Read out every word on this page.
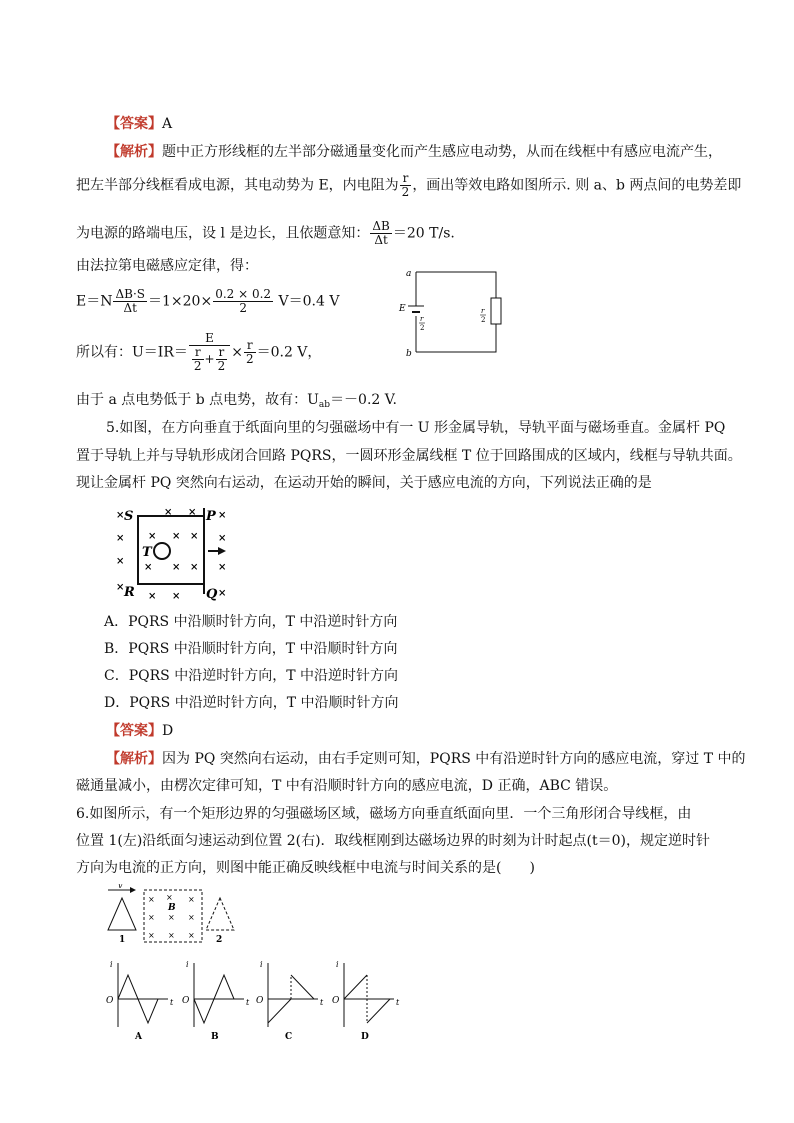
【答案】A
【解析】题中正方形线框的左半部分磁通量变化而产生感应电动势，从而在线框中有感应电流产生，
把左半部分线框看成电源，其电动势为 E，内电阻为 $\frac{r}{2}$ ，画出等效电路如图所示. 则 a、b 两点间的电势差即
为电源的路端电压，设 l 是边长，且依题意知： $\frac{\Delta B}{\Delta t} =20$ T/s.
由法拉第电磁感应定律，得：
$E=N \frac{\Delta B\cdot S}{\Delta t} =1\times 20\times \frac{0.2 \times 0.2}{2} V=0.4$ V
所以有：$U=IR= \frac{E}{\frac{r}{2} + \frac{r}{2}} \times \frac{r}{2} =0.2$ V，
由于 a 点电势低于 b 点电势，故有：$U_{ab}=-0.2$ V.
a
b
E
r
2
r
2
5.如图，在方向垂直于纸面向里的匀强磁场中有一 U 形金属导轨，导轨平面与磁场垂直。金属杆 PQ
置于导轨上并与导轨形成闭合回路 PQRS，一圆环形金属线框 T 位于回路围成的区域内，线框与导轨共面。
现让金属杆 PQ 突然向右运动，在运动开始的瞬间，关于感应电流的方向，下列说法正确的是
×	× × ×
× × × × ×
×
× × × ×
×
× ×	×
S	P
R	Q
T
A．PQRS 中沿顺时针方向，T 中沿逆时针方向
B．PQRS 中沿顺时针方向，T 中沿顺时针方向
C．PQRS 中沿逆时针方向，T 中沿逆时针方向
D．PQRS 中沿逆时针方向，T 中沿顺时针方向
【答案】D
【解析】因为 PQ 突然向右运动，由右手定则可知，PQRS 中有沿逆时针方向的感应电流，穿过 T 中的
磁通量减小，由楞次定律可知，T 中有沿顺时针方向的感应电流，D 正确，ABC 错误。
6.如图所示，有一个矩形边界的匀强磁场区域，磁场方向垂直纸面向里．一个三角形闭合导线框，由
位置 1(左)沿纸面匀速运动到位置 2(右)．取线框刚到达磁场边界的时刻为计时起点(t＝0)，规定逆时针
方向为电流的正方向，则图中能正确反映线框中电流与时间关系的是(　　)
v
1
B
× × ×
× × ×
× × × 2
i
O	t
A
i
O	t
B
i
O	t
C
i
O	t
D
